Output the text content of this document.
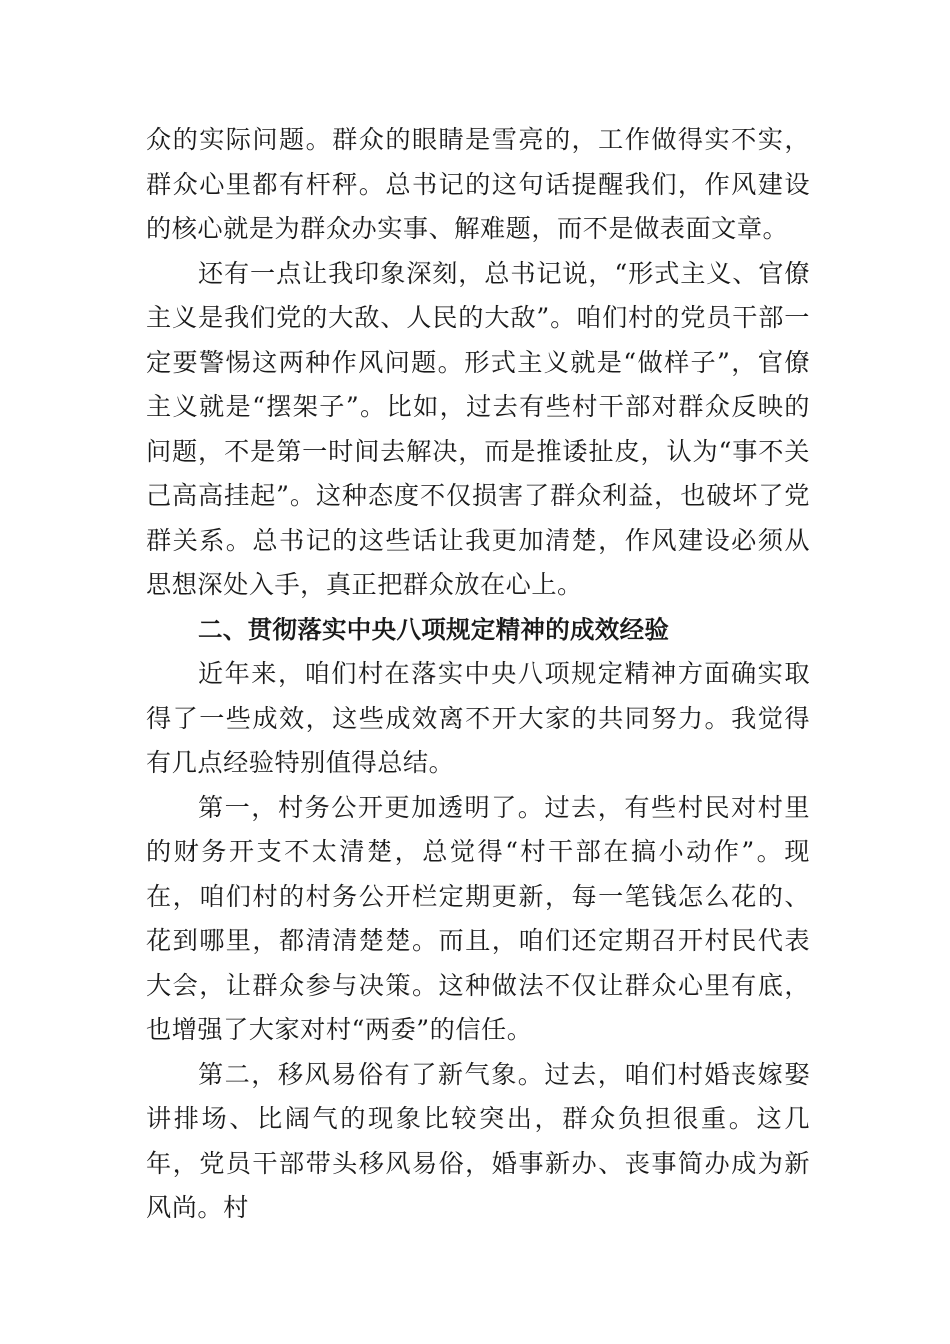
众的实际问题。群众的眼睛是雪亮的，工作做得实不实，群众心里都有杆秤。总书记的这句话提醒我们，作风建设的核心就是为群众办实事、解难题，而不是做表面文章。

还有一点让我印象深刻，总书记说，“形式主义、官僚主义是我们党的大敌、人民的大敌”。咱们村的党员干部一定要警惕这两种作风问题。形式主义就是“做样子”，官僚主义就是“摆架子”。比如，过去有些村干部对群众反映的问题，不是第一时间去解决，而是推诿扯皮，认为“事不关己高高挂起”。这种态度不仅损害了群众利益，也破坏了党群关系。总书记的这些话让我更加清楚，作风建设必须从思想深处入手，真正把群众放在心上。

二、贯彻落实中央八项规定精神的成效经验

近年来，咱们村在落实中央八项规定精神方面确实取得了一些成效，这些成效离不开大家的共同努力。我觉得有几点经验特别值得总结。

第一，村务公开更加透明了。过去，有些村民对村里的财务开支不太清楚，总觉得“村干部在搞小动作”。现在，咱们村的村务公开栏定期更新，每一笔钱怎么花的、花到哪里，都清清楚楚。而且，咱们还定期召开村民代表大会，让群众参与决策。这种做法不仅让群众心里有底，也增强了大家对村“两委”的信任。

第二，移风易俗有了新气象。过去，咱们村婚丧嫁娶讲排场、比阔气的现象比较突出，群众负担很重。这几年，党员干部带头移风易俗，婚事新办、丧事简办成为新风尚。村
